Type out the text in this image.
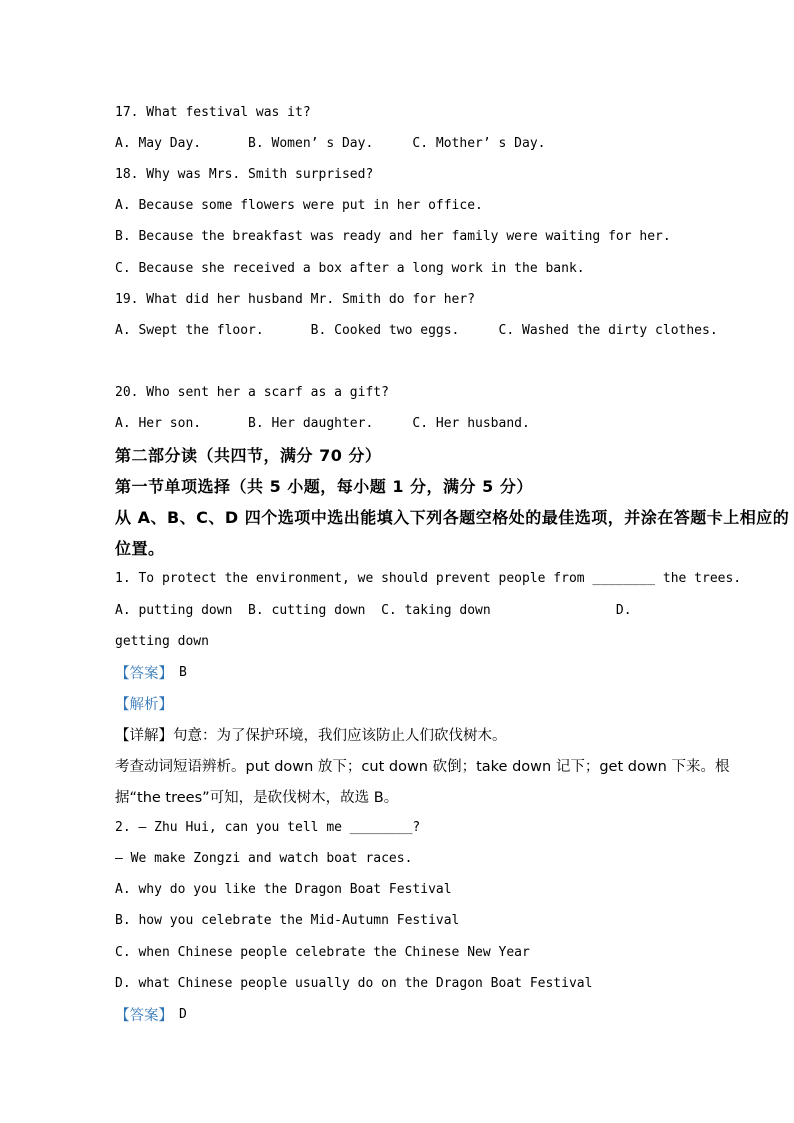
17. What festival was it?
A. May Day.      B. Women’ s Day.     C. Mother’ s Day.
18. Why was Mrs. Smith surprised?
A. Because some flowers were put in her office.
B. Because the breakfast was ready and her family were waiting for her.
C. Because she received a box after a long work in the bank.
19. What did her husband Mr. Smith do for her?
A. Swept the floor.      B. Cooked two eggs.     C. Washed the dirty clothes.
20. Who sent her a scarf as a gift?
A. Her son.      B. Her daughter.     C. Her husband.
第二部分读（共四节，满分 70 分）
第一节单项选择（共 5 小题，每小题 1 分，满分 5 分）
从 A、B、C、D 四个选项中选出能填入下列各题空格处的最佳选项，并涂在答题卡上相应的
位置。
1. To protect the environment, we should prevent people from ________ the trees.
A. putting down  B. cutting down  C. taking down                D.
getting down
【答案】 B
【解析】
【详解】句意：为了保护环境，我们应该防止人们砍伐树木。
考查动词短语辨析。put down 放下；cut down 砍倒；take down 记下；get down 下来。根
据“the trees”可知，是砍伐树木，故选 B。
2. — Zhu Hui, can you tell me ________?
— We make Zongzi and watch boat races.
A. why do you like the Dragon Boat Festival
B. how you celebrate the Mid-Autumn Festival
C. when Chinese people celebrate the Chinese New Year
D. what Chinese people usually do on the Dragon Boat Festival
【答案】 D
